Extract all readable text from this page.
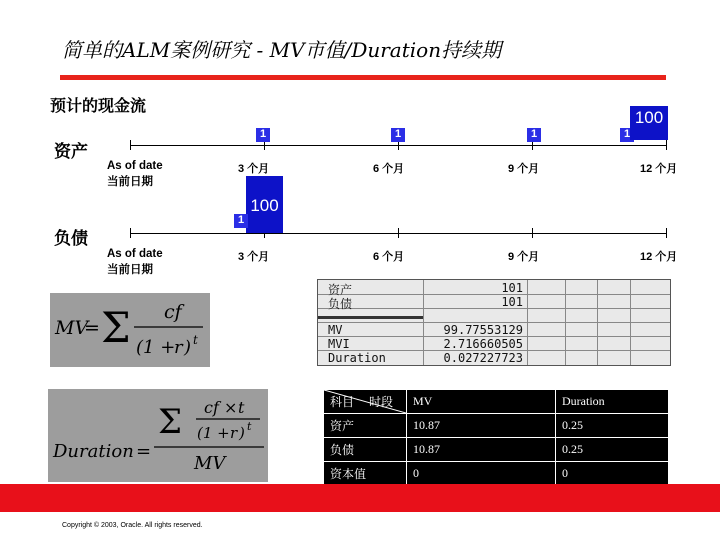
简单的ALM案例研究 - MV市值/Duration持续期
预计的现金流
资产
1	1	1	1
100
As of date
当前日期
3 个月	6 个月	9 个月	12 个月
负债
100
1
As of date
当前日期
3 个月	6 个月	9 个月	12 个月
MV
= Σ cf
(1 +
r ) t
Duration =
Σ cf × t
(1 + r ) t
MV
资产	101
负债	101
MV	99.77553129
MVI	2.716660505
Duration	0.027227723
科目 时段	MV	Duration
资产	10.87	0.25
负债	10.87	0.25
资本值	0	0
Copyright © 2003, Oracle. All rights reserved.
